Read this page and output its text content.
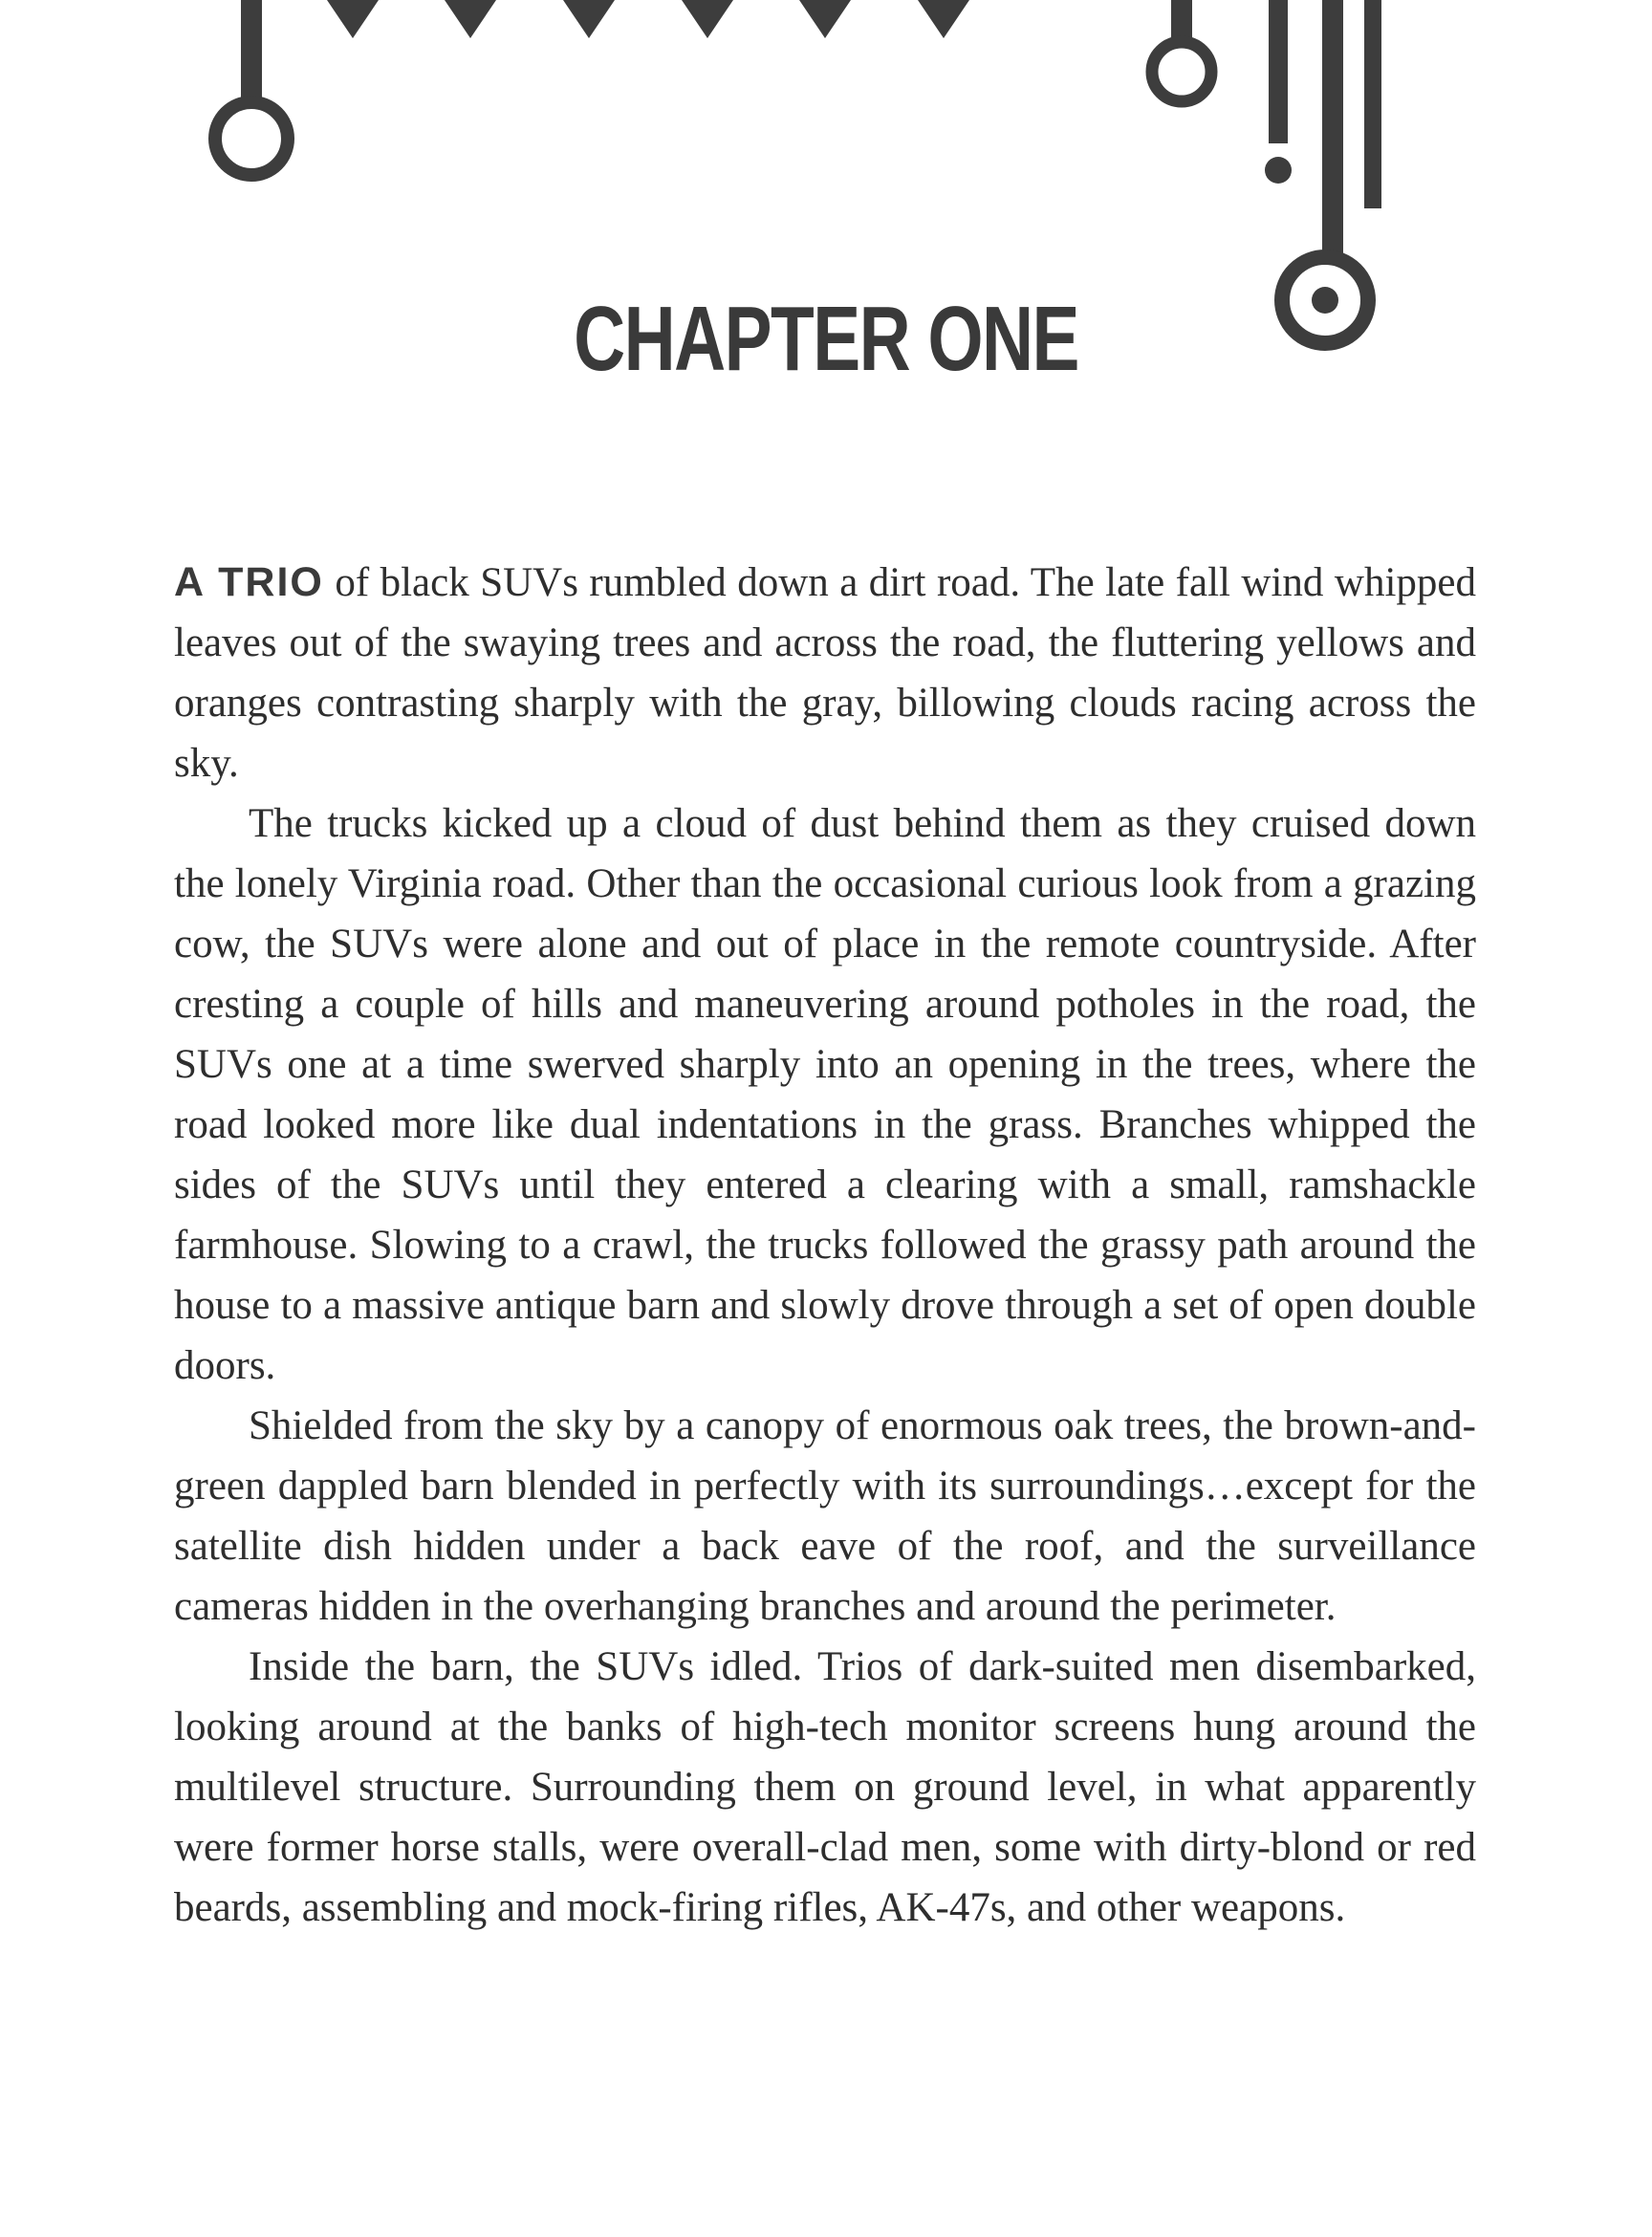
CHAPTER ONE

A TRIO of black SUVs rumbled down a dirt road. The late fall wind whipped leaves out of the swaying trees and across the road, the fluttering yellows and oranges contrasting sharply with the gray, billowing clouds racing across the sky.

The trucks kicked up a cloud of dust behind them as they cruised down the lonely Virginia road. Other than the occasional curious look from a grazing cow, the SUVs were alone and out of place in the remote countryside. After cresting a couple of hills and maneuvering around potholes in the road, the SUVs one at a time swerved sharply into an opening in the trees, where the road looked more like dual indentations in the grass. Branches whipped the sides of the SUVs until they entered a clearing with a small, ramshackle farmhouse. Slowing to a crawl, the trucks followed the grassy path around the house to a massive antique barn and slowly drove through a set of open double doors.

Shielded from the sky by a canopy of enormous oak trees, the brown-and-green dappled barn blended in perfectly with its surroundings…except for the satellite dish hidden under a back eave of the roof, and the surveillance cameras hidden in the overhanging branches and around the perimeter.

Inside the barn, the SUVs idled. Trios of dark-suited men disembarked, looking around at the banks of high-tech monitor screens hung around the multilevel structure. Surrounding them on ground level, in what apparently were former horse stalls, were overall-clad men, some with dirty-blond or red beards, assembling and mock-firing rifles, AK-47s, and other weapons.
